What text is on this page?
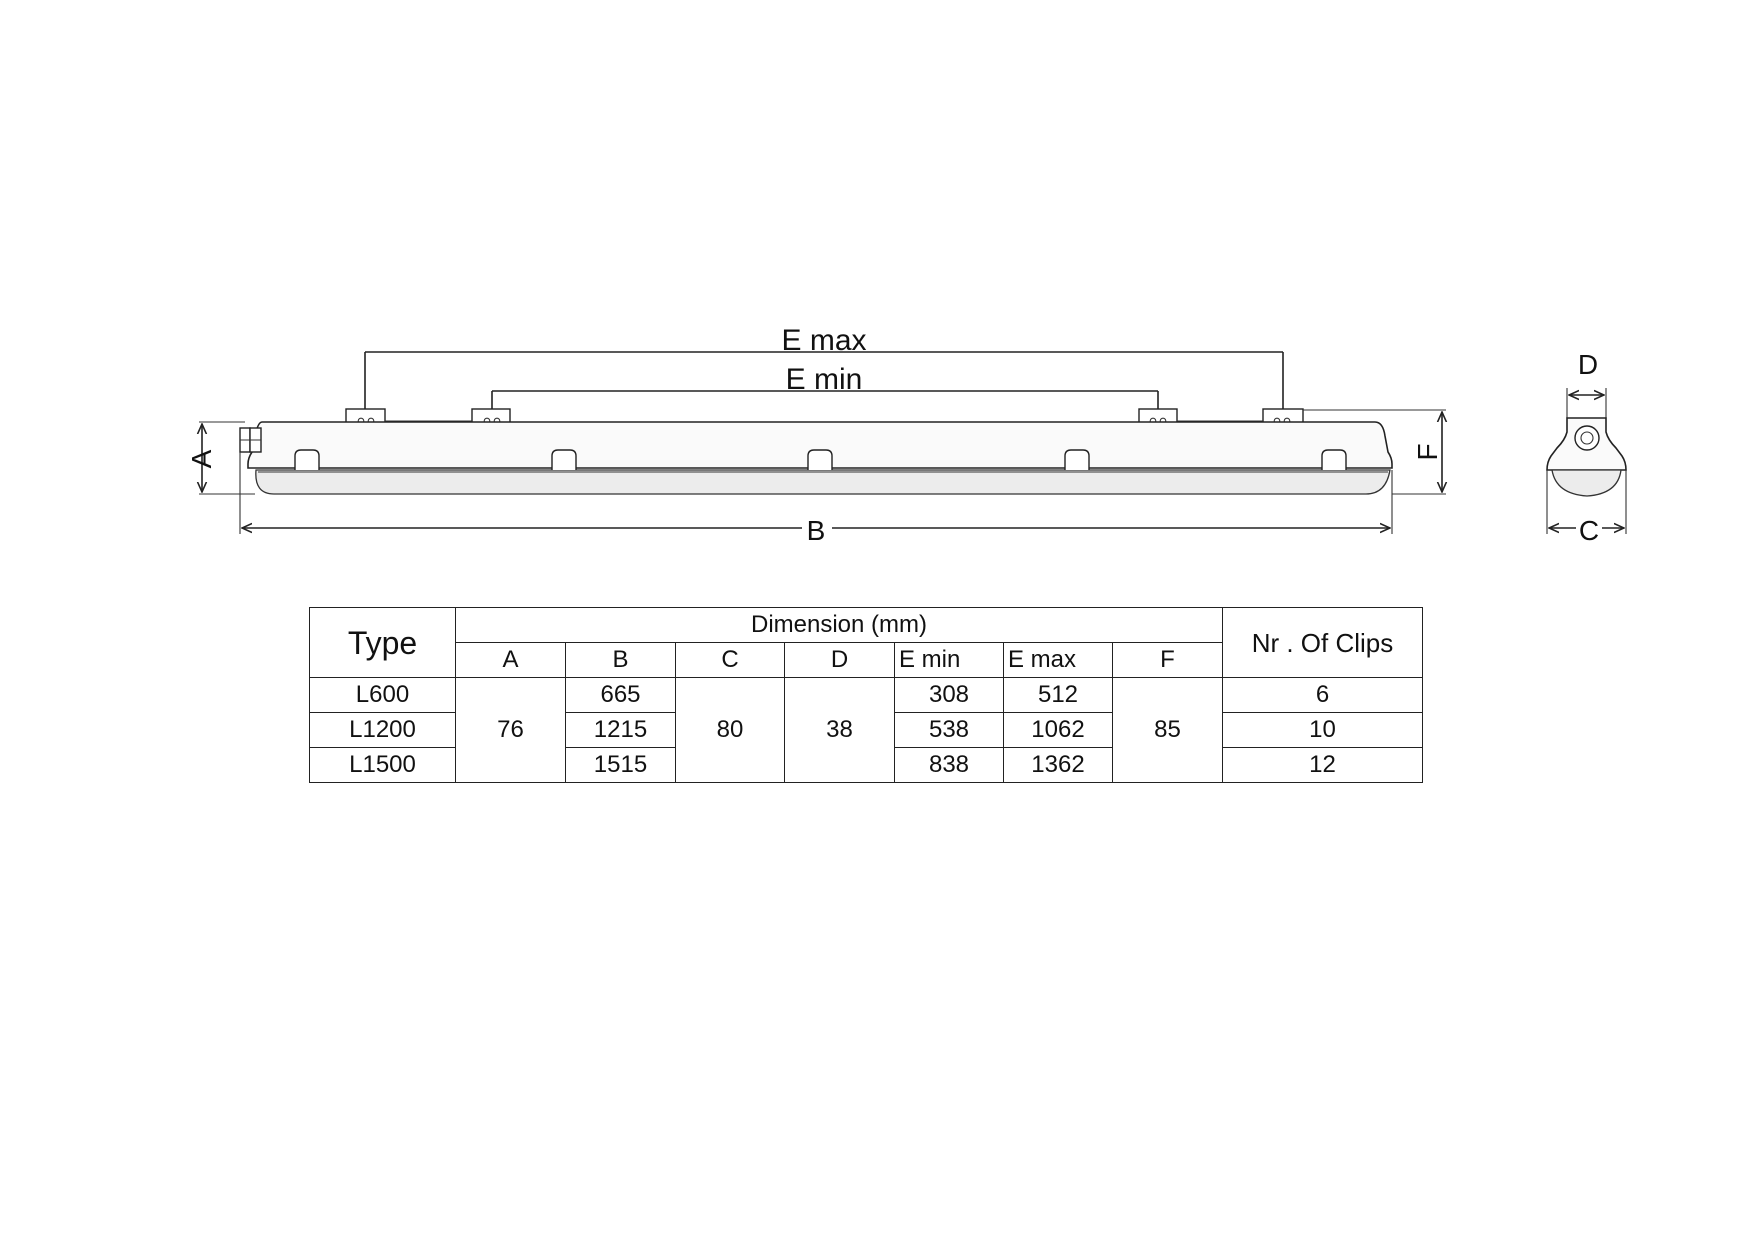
E max
E min
A
B
F
D
C
Type	Dimension (mm)							Nr . Of Clips
	A	B	C	D	E min	E max	F	
L600	76	665	80	38	308	512	85	6
L1200		1215			538	1062		10
L1500		1515			838	1362		12
